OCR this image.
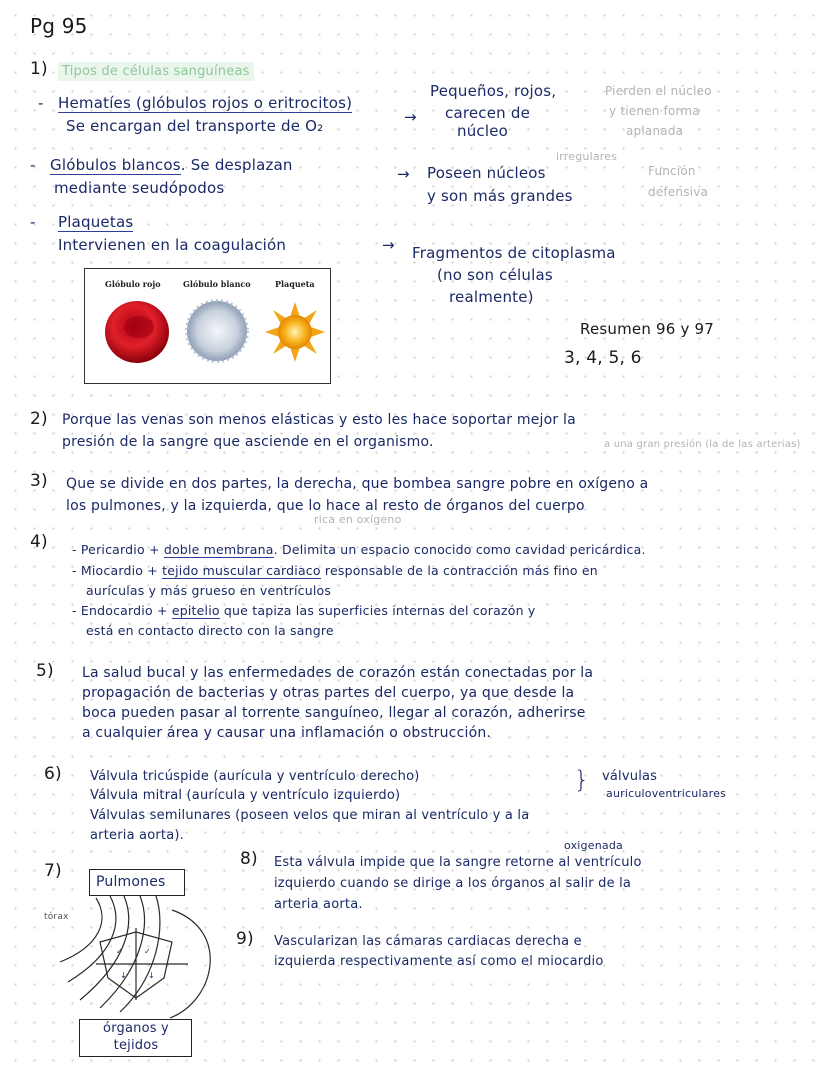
Pg 95
1)	Tipos de células sanguíneas
- Hematíes (glóbulos rojos o eritrocitos)
Se encargan del transporte de O₂	→
Pequeños, rojos,
carecen de
núcleo
Pierden el núcleo
y tienen forma
aplanada
- Glóbulos blancos. Se desplazan
mediante seudópodos
irregulares
→ Poseen núcleos
y son más grandes
Función
defensiva
- Plaquetas
Intervienen en la coagulación	→ Fragmentos de citoplasma
(no son células
realmente)
Glóbulo rojo	Glóbulo blanco	Plaqueta
Resumen 96 y 97
3, 4, 5, 6
2) Porque las venas son menos elásticas y esto les hace soportar mejor la
presión de la sangre que asciende en el organismo.	a una gran presión (la de las arterias)
3) Que se divide en dos partes, la derecha, que bombea sangre pobre en oxígeno a
los pulmones, y la izquierda, que lo hace al resto de órganos del cuerpo
rica en oxígeno
4) - Pericardio + doble membrana. Delimita un espacio conocido como cavidad pericárdica.
- Miocardio + tejido muscular cardiaco responsable de la contracción más fino en
aurículas y más grueso en ventrículos
- Endocardio + epitelio que tapiza las superficies internas del corazón y
está en contacto directo con la sangre
5) La salud bucal y las enfermedades de corazón están conectadas por la
propagación de bacterias y otras partes del cuerpo, ya que desde la
boca pueden pasar al torrente sanguíneo, llegar al corazón, adherirse
a cualquier área y causar una inflamación o obstrucción.
6) Válvula tricúspide (aurícula y ventrículo derecho)
Válvula mitral (aurícula y ventrículo izquierdo)
} válvulas
auriculoventriculares
Válvulas semilunares (poseen velos que miran al ventrículo y a la
arteria aorta).
7)
Pulmones
tórax
✓	✓
↓	↓
órganos y tejidos
8)
oxigenada
Esta válvula impide que la sangre retorne al ventrículo
izquierdo cuando se dirige a los órganos al salir de la
arteria aorta.
9) Vascularizan las cámaras cardiacas derecha e
izquierda respectivamente así como el miocardio
